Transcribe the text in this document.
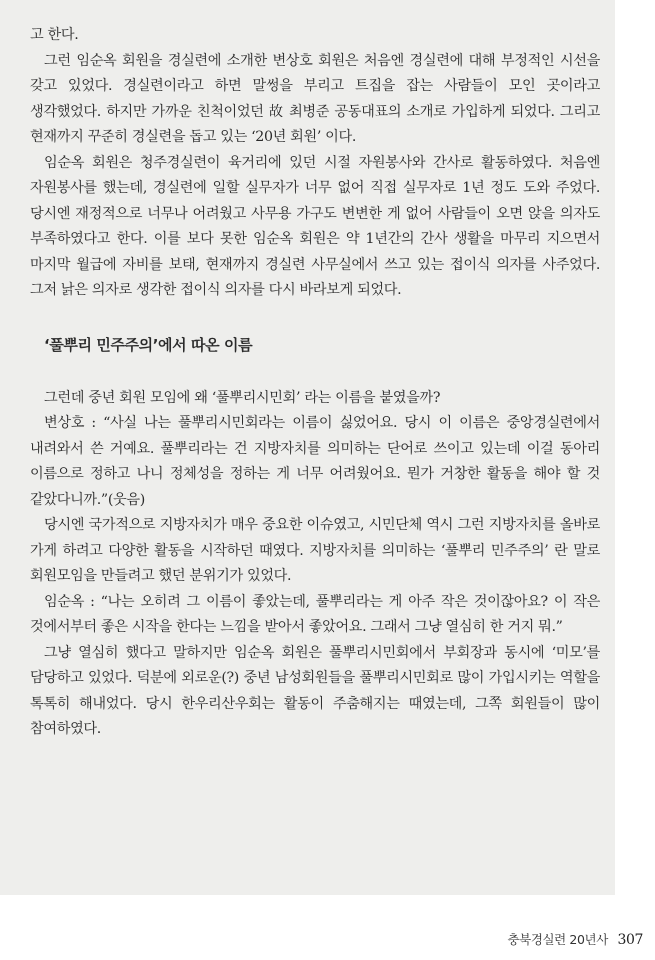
고 한다.

그런 임순옥 회원을 경실련에 소개한 변상호 회원은 처음엔 경실련에 대해 부정적인 시선을 갖고 있었다. 경실련이라고 하면 말썽을 부리고 트집을 잡는 사람들이 모인 곳이라고 생각했었다. 하지만 가까운 친척이었던 故 최병준 공동대표의 소개로 가입하게 되었다. 그리고 현재까지 꾸준히 경실련을 돕고 있는 ‘20년 회원’ 이다.

임순옥 회원은 청주경실련이 육거리에 있던 시절 자원봉사와 간사로 활동하였다. 처음엔 자원봉사를 했는데, 경실련에 일할 실무자가 너무 없어 직접 실무자로 1년 정도 도와 주었다. 당시엔 재정적으로 너무나 어려웠고 사무용 가구도 변변한 게 없어 사람들이 오면 앉을 의자도 부족하였다고 한다. 이를 보다 못한 임순옥 회원은 약 1년간의 간사 생활을 마무리 지으면서 마지막 월급에 자비를 보태, 현재까지 경실련 사무실에서 쓰고 있는 접이식 의자를 사주었다. 그저 낡은 의자로 생각한 접이식 의자를 다시 바라보게 되었다.

‘풀뿌리 민주주의’에서 따온 이름

그런데 중년 회원 모임에 왜 ‘풀뿌리시민회’ 라는 이름을 붙였을까?

변상호 : “사실 나는 풀뿌리시민회라는 이름이 싫었어요. 당시 이 이름은 중앙경실련에서 내려와서 쓴 거예요. 풀뿌리라는 건 지방자치를 의미하는 단어로 쓰이고 있는데 이걸 동아리 이름으로 정하고 나니 정체성을 정하는 게 너무 어려웠어요. 뭔가 거창한 활동을 해야 할 것 같았다니까.”(웃음)

당시엔 국가적으로 지방자치가 매우 중요한 이슈였고, 시민단체 역시 그런 지방자치를 올바로 가게 하려고 다양한 활동을 시작하던 때였다. 지방자치를 의미하는 ‘풀뿌리 민주주의’ 란 말로 회원모임을 만들려고 했던 분위기가 있었다.

임순옥 : “나는 오히려 그 이름이 좋았는데, 풀뿌리라는 게 아주 작은 것이잖아요? 이 작은 것에서부터 좋은 시작을 한다는 느낌을 받아서 좋았어요. 그래서 그냥 열심히 한 거지 뭐.”

그냥 열심히 했다고 말하지만 임순옥 회원은 풀뿌리시민회에서 부회장과 동시에 ‘미모’를 담당하고 있었다. 덕분에 외로운(?) 중년 남성회원들을 풀뿌리시민회로 많이 가입시키는 역할을 톡톡히 해내었다. 당시 한우리산우회는 활동이 주춤해지는 때였는데, 그쪽 회원들이 많이 참여하였다.

충북경실련 20년사 307
